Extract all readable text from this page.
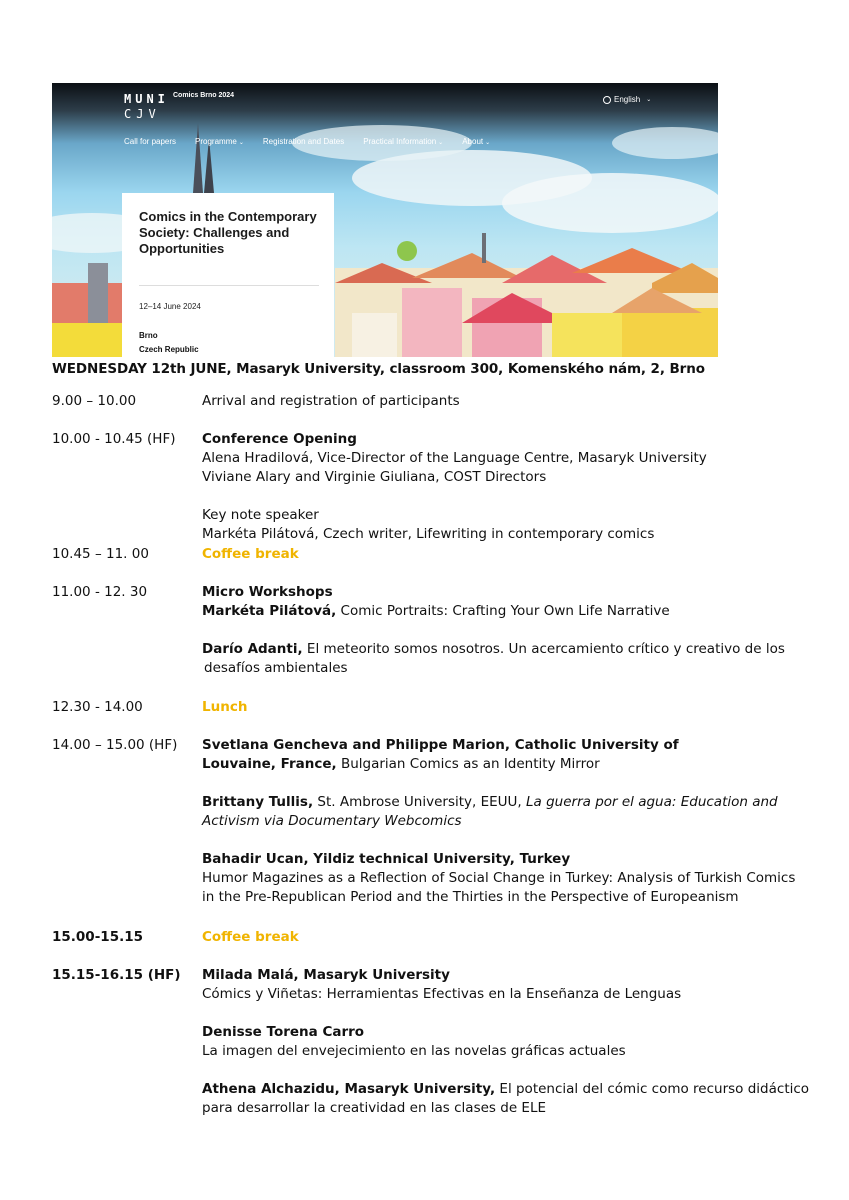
MUNI
CJV
Comics Brno 2024	English ⌄
Call for papers Programme ⌄ Registration and Dates Practical Information ⌄ About ⌄
Comics in the Contemporary Society: Challenges and Opportunities
12–14 June 2024
Brno
Czech Republic
WEDNESDAY 12th JUNE, Masaryk University, classroom 300, Komenského nám, 2, Brno
9.00 – 10.00	Arrival and registration of participants

10.00 - 10.45 (HF) Conference Opening

Alena Hradilová, Vice-Director of the Language Centre, Masaryk University

Viviane Alary and Virginie Giuliana, COST Directors

Key note speaker

Markéta Pilátová, Czech writer, Lifewriting in contemporary comics

10.45 – 11. 00	Coffee break

11.00 - 12. 30	Micro Workshops

Markéta Pilátová, Comic Portraits: Crafting Your Own Life Narrative

Darío Adanti, El meteorito somos nosotros. Un acercamiento crítico y creativo de los

desafíos ambientales

12.30 - 14.00	Lunch

14.00 – 15.00 (HF) Svetlana Gencheva and Philippe Marion, Catholic University of

Louvaine, France, Bulgarian Comics as an Identity Mirror

Brittany Tullis, St. Ambrose University, EEUU, La guerra por el agua: Education and

Activism via Documentary Webcomics

Bahadir Ucan, Yildiz technical University, Turkey

Humor Magazines as a Reflection of Social Change in Turkey: Analysis of Turkish Comics

in the Pre-Republican Period and the Thirties in the Perspective of Europeanism

15.00-15.15	Coffee break

15.15-16.15 (HF) Milada Malá, Masaryk University

Cómics y Viñetas: Herramientas Efectivas en la Enseñanza de Lenguas

Denisse Torena Carro

La imagen del envejecimiento en las novelas gráficas actuales

Athena Alchazidu, Masaryk University, El potencial del cómic como recurso didáctico

para desarrollar la creatividad en las clases de ELE
